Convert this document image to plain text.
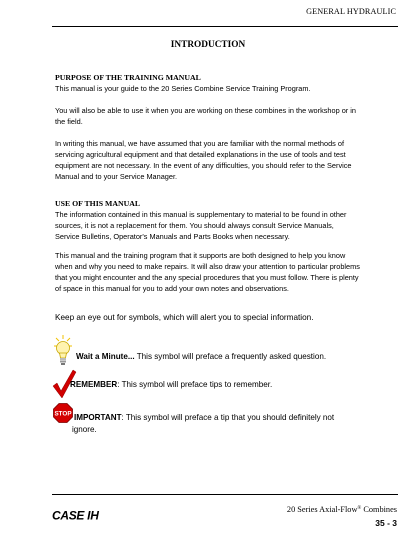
GENERAL HYDRAULIC
INTRODUCTION
PURPOSE OF THE TRAINING MANUAL
This manual is your guide to the 20 Series Combine Service Training Program.
You will also be able to use it when you are working on these combines in the workshop or in
the field.
In writing this manual, we have assumed that you are familiar with the normal methods of
servicing agricultural equipment and that detailed explanations in the use of tools and test
equipment are not necessary. In the event of any difficulties, you should refer to the Service
Manual and to your Service Manager.
USE OF THIS MANUAL
The information contained in this manual is supplementary to material to be found in other
sources, it is not a replacement for them. You should always consult Service Manuals,
Service Bulletins, Operator's Manuals and Parts Books when necessary.
This manual and the training program that it supports are both designed to help you know
when and why you need to make repairs. It will also draw your attention to particular problems
that you might encounter and the any special procedures that you must follow. There is plenty
of space in this manual for you to add your own notes and observations.
Keep an eye out for symbols, which will alert you to special information.
Wait a Minute... This symbol will preface a frequently asked question.
REMEMBER: This symbol will preface tips to remember.
STOP IMPORTANT: This symbol will preface a tip that you should definitely not
ignore.
CASE IH	20 Series Axial-Flow® Combines
35 - 3
